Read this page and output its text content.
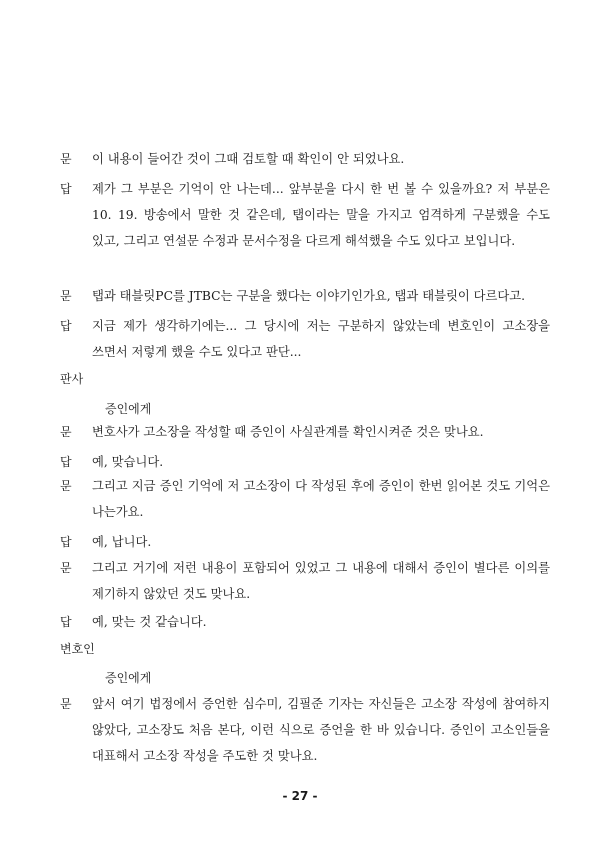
문	이 내용이 들어간 것이 그때 검토할 때 확인이 안 되었나요.
답	제가 그 부분은 기억이 안 나는데... 앞부분을 다시 한 번 볼 수 있을까요? 저 부분은 10. 19. 방송에서 말한 것 같은데, 탭이라는 말을 가지고 엄격하게 구분했을 수도 있고, 그리고 연설문 수정과 문서수정을 다르게 해석했을 수도 있다고 보입니다.
문	탭과 태블릿PC를 JTBC는 구분을 했다는 이야기인가요, 탭과 태블릿이 다르다고.
답	지금 제가 생각하기에는... 그 당시에 저는 구분하지 않았는데 변호인이 고소장을 쓰면서 저렇게 했을 수도 있다고 판단...
판사
증인에게
문	변호사가 고소장을 작성할 때 증인이 사실관계를 확인시켜준 것은 맞나요.
답	예, 맞습니다.
문	그리고 지금 증인 기억에 저 고소장이 다 작성된 후에 증인이 한번 읽어본 것도 기억은 나는가요.
답	예, 납니다.
문	그리고 거기에 저런 내용이 포함되어 있었고 그 내용에 대해서 증인이 별다른 이의를 제기하지 않았던 것도 맞나요.
답	예, 맞는 것 같습니다.
변호인
증인에게
문	앞서 여기 법정에서 증언한 심수미, 김필준 기자는 자신들은 고소장 작성에 참여하지 않았다, 고소장도 처음 본다, 이런 식으로 증언을 한 바 있습니다. 증인이 고소인들을 대표해서 고소장 작성을 주도한 것 맞나요.
- 27 -
